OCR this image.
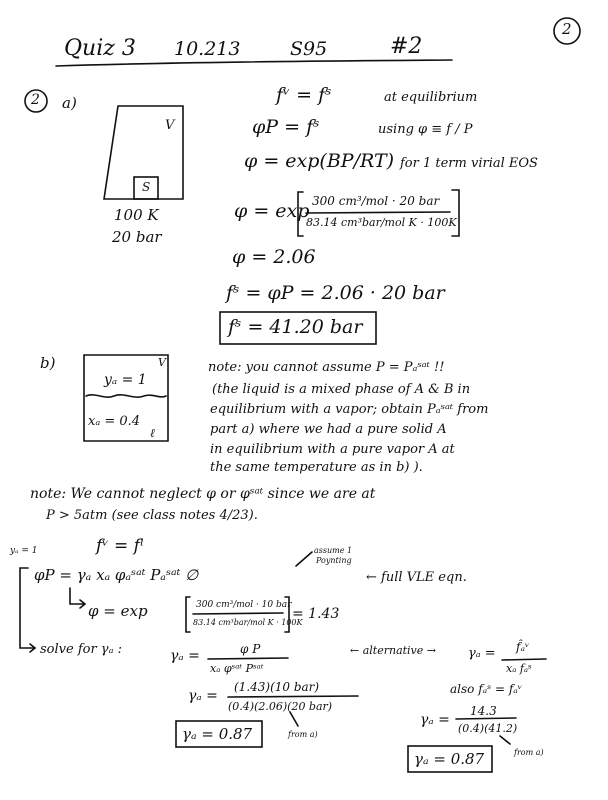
2
Quiz 3 10.213	S95	#2
2 a)
V
S
100 K
20 bar
fᵛ = fˢ	at equilibrium
φP = fˢ	using φ ≡ f / P
φ = exp(BP/RT) for 1 term virial EOS
φ = exp 300 cm³/mol · 20 bar
83.14 cm³bar/mol K · 100K
φ = 2.06
fˢ = φP = 2.06 · 20 bar
fˢ = 41.20 bar
b)	V
yₐ = 1
xₐ = 0.4
ℓ
note: you cannot assume P = Pₐˢᵃᵗ !!
(the liquid is a mixed phase of A & B in
equilibrium with a vapor; obtain Pₐˢᵃᵗ from
part a) where we had a pure solid A
in equilibrium with a pure vapor A at
the same temperature as in b) ).
note: We cannot neglect φ or φˢᵃᵗ since we are at
P > 5atm (see class notes 4/23).
yₐ = 1	fᵛ = fˡ
φP = γₐ xₐ φₐˢᵃᵗ Pₐˢᵃᵗ ∅
assume 1
Poynting
← full VLE eqn.
φ = exp	300 cm³/mol · 10 bar
83.14 cm³bar/mol K · 100K
= 1.43
solve for γₐ :	γₐ =	φ P
xₐ φˢᵃᵗ Pˢᵃᵗ
← alternative → γₐ = f̂ₐᵛ
xₐ fₐˢ
also fₐˢ = fₐᵛ
γₐ =
(1.43)(10 bar)
(0.4)(2.06)(20 bar)
γₐ =
14.3
(0.4)(41.2)
γₐ = 0.87	from a)
γₐ = 0.87	from a)
